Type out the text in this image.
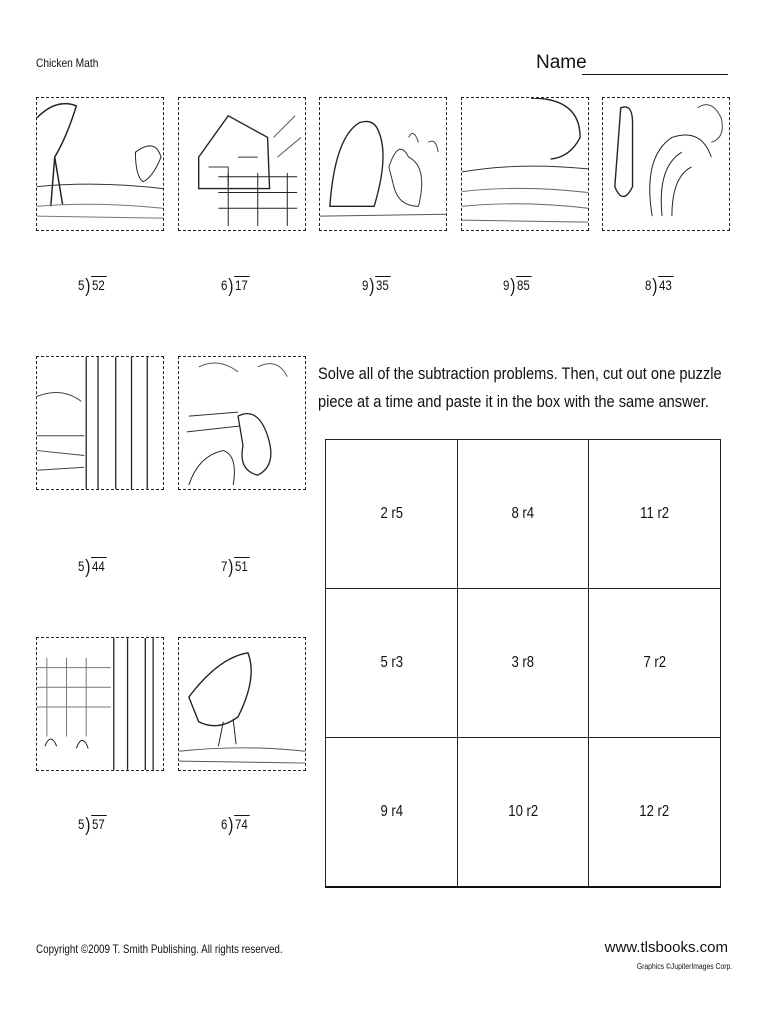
Chicken Math	Name
5) 52	6) 17	9) 35	9) 85	8) 43
5) 44	7) 51
5) 57	6) 74
Solve all of the subtraction problems. Then, cut out one puzzle
piece at a time and paste it in the box with the same answer.
2 r5	8 r4	11 r2
5 r3	3 r8	7 r2
9 r4	10 r2	12 r2
Copyright ©2009 T. Smith Publishing. All rights reserved.	www.tlsbooks.com
Graphics ©JupiterImages Corp.
